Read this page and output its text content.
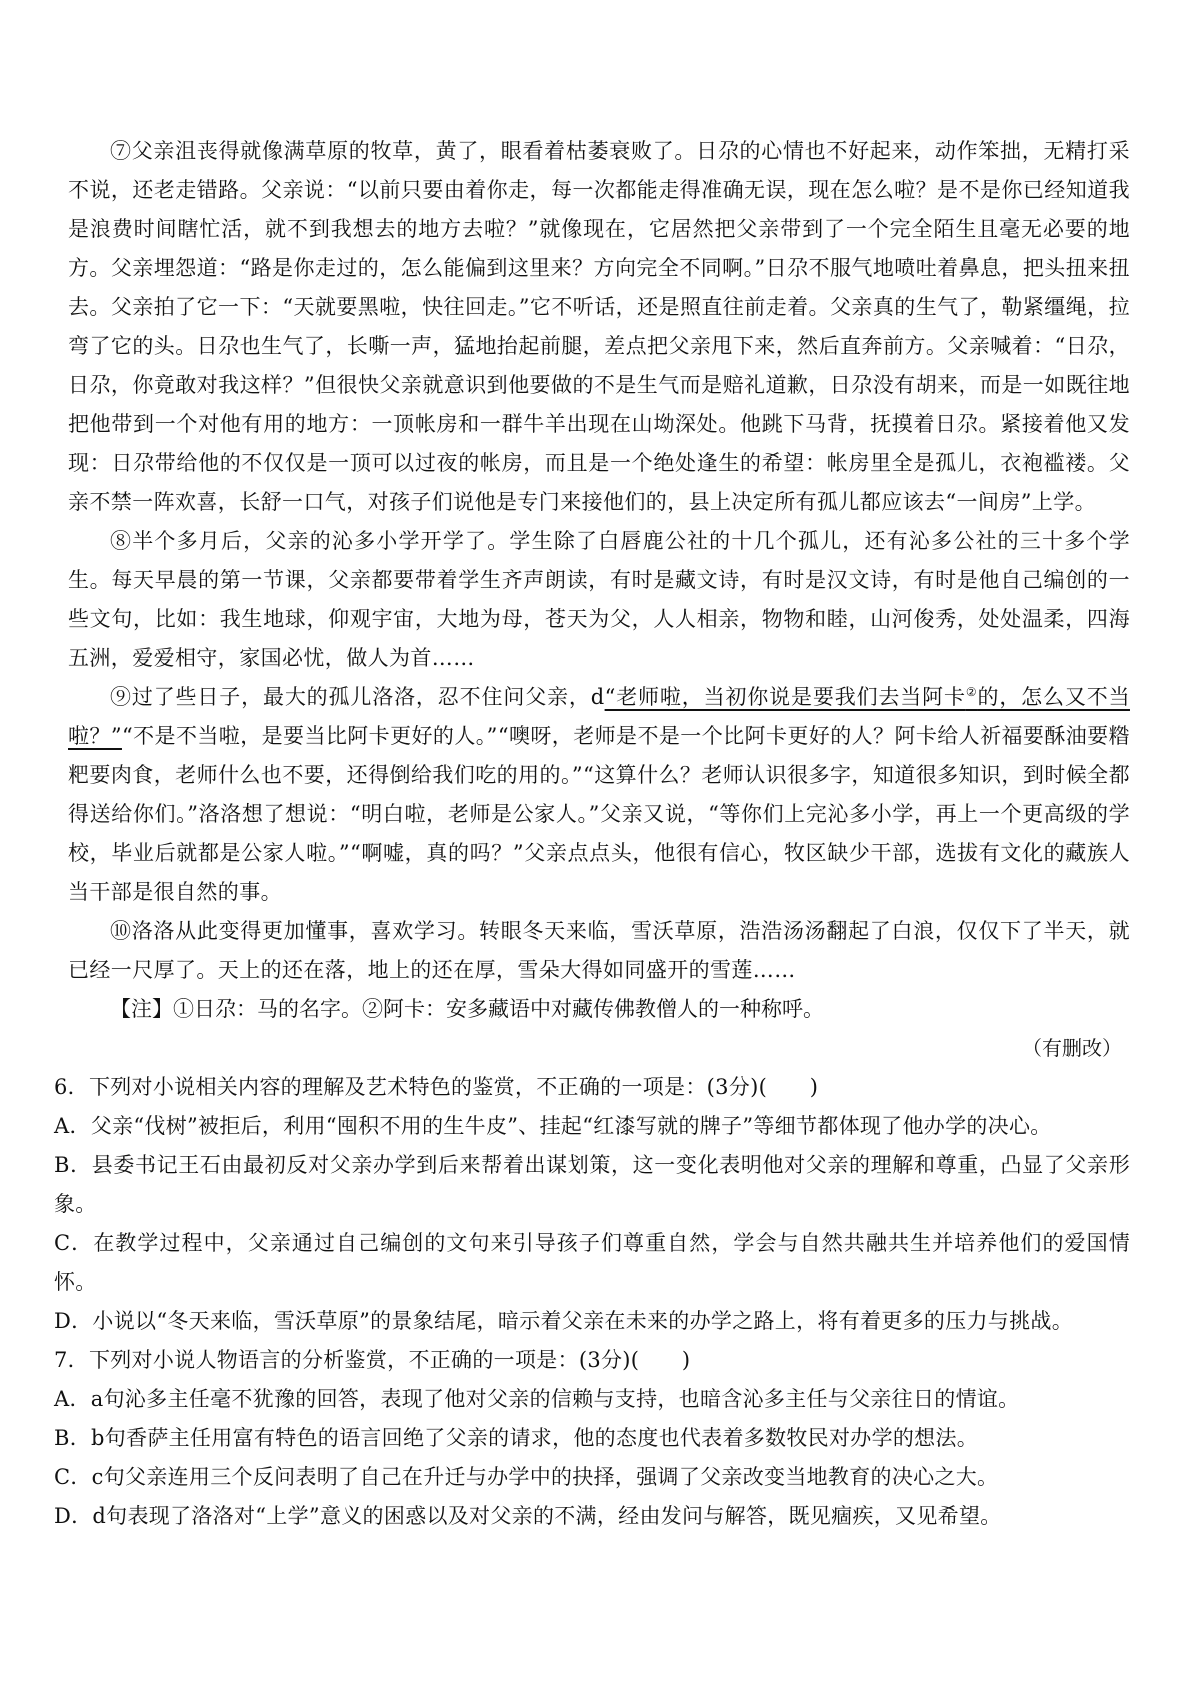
⑦父亲沮丧得就像满草原的牧草，黄了，眼看着枯萎衰败了。日尕的心情也不好起来，动作笨拙，无精打采不说，还老走错路。父亲说：“以前只要由着你走，每一次都能走得准确无误，现在怎么啦？是不是你已经知道我是浪费时间瞎忙活，就不到我想去的地方去啦？”就像现在，它居然把父亲带到了一个完全陌生且毫无必要的地方。父亲埋怨道：“路是你走过的，怎么能偏到这里来？方向完全不同啊。”日尕不服气地喷吐着鼻息，把头扭来扭去。父亲拍了它一下：“天就要黑啦，快往回走。”它不听话，还是照直往前走着。父亲真的生气了，勒紧缰绳，拉弯了它的头。日尕也生气了，长嘶一声，猛地抬起前腿，差点把父亲甩下来，然后直奔前方。父亲喊着：“日尕，日尕，你竟敢对我这样？”但很快父亲就意识到他要做的不是生气而是赔礼道歉，日尕没有胡来，而是一如既往地把他带到一个对他有用的地方：一顶帐房和一群牛羊出现在山坳深处。他跳下马背，抚摸着日尕。紧接着他又发现：日尕带给他的不仅仅是一顶可以过夜的帐房，而且是一个绝处逢生的希望：帐房里全是孤儿，衣袍褴褛。父亲不禁一阵欢喜，长舒一口气，对孩子们说他是专门来接他们的，县上决定所有孤儿都应该去“一间房”上学。

⑧半个多月后，父亲的沁多小学开学了。学生除了白唇鹿公社的十几个孤儿，还有沁多公社的三十多个学生。每天早晨的第一节课，父亲都要带着学生齐声朗读，有时是藏文诗，有时是汉文诗，有时是他自己编创的一些文句，比如：我生地球，仰观宇宙，大地为母，苍天为父，人人相亲，物物和睦，山河俊秀，处处温柔，四海五洲，爱爱相守，家国必忧，做人为首……

⑨过了些日子，最大的孤儿洛洛，忍不住问父亲，d“老师啦，当初你说是要我们去当阿卡②的，怎么又不当啦？”“不是不当啦，是要当比阿卡更好的人。”“噢呀，老师是不是一个比阿卡更好的人？阿卡给人祈福要酥油要糌粑要肉食，老师什么也不要，还得倒给我们吃的用的。”“这算什么？老师认识很多字，知道很多知识，到时候全都得送给你们。”洛洛想了想说：“明白啦，老师是公家人。”父亲又说，“等你们上完沁多小学，再上一个更高级的学校，毕业后就都是公家人啦。”“啊嘘，真的吗？”父亲点点头，他很有信心，牧区缺少干部，选拔有文化的藏族人当干部是很自然的事。

⑩洛洛从此变得更加懂事，喜欢学习。转眼冬天来临，雪沃草原，浩浩汤汤翻起了白浪，仅仅下了半天，就已经一尺厚了。天上的还在落，地上的还在厚，雪朵大得如同盛开的雪莲……

【注】①日尕：马的名字。②阿卡：安多藏语中对藏传佛教僧人的一种称呼。

（有删改）

6．下列对小说相关内容的理解及艺术特色的鉴赏，不正确的一项是：(3分)(　　)

A．父亲“伐树”被拒后，利用“囤积不用的生牛皮”、挂起“红漆写就的牌子”等细节都体现了他办学的决心。

B．县委书记王石由最初反对父亲办学到后来帮着出谋划策，这一变化表明他对父亲的理解和尊重，凸显了父亲形象。

C．在教学过程中，父亲通过自己编创的文句来引导孩子们尊重自然，学会与自然共融共生并培养他们的爱国情怀。

D．小说以“冬天来临，雪沃草原”的景象结尾，暗示着父亲在未来的办学之路上，将有着更多的压力与挑战。

7．下列对小说人物语言的分析鉴赏，不正确的一项是：(3分)(　　)

A．a句沁多主任毫不犹豫的回答，表现了他对父亲的信赖与支持，也暗含沁多主任与父亲往日的情谊。

B．b句香萨主任用富有特色的语言回绝了父亲的请求，他的态度也代表着多数牧民对办学的想法。

C．c句父亲连用三个反问表明了自己在升迁与办学中的抉择，强调了父亲改变当地教育的决心之大。

D．d句表现了洛洛对“上学”意义的困惑以及对父亲的不满，经由发问与解答，既见痼疾，又见希望。
